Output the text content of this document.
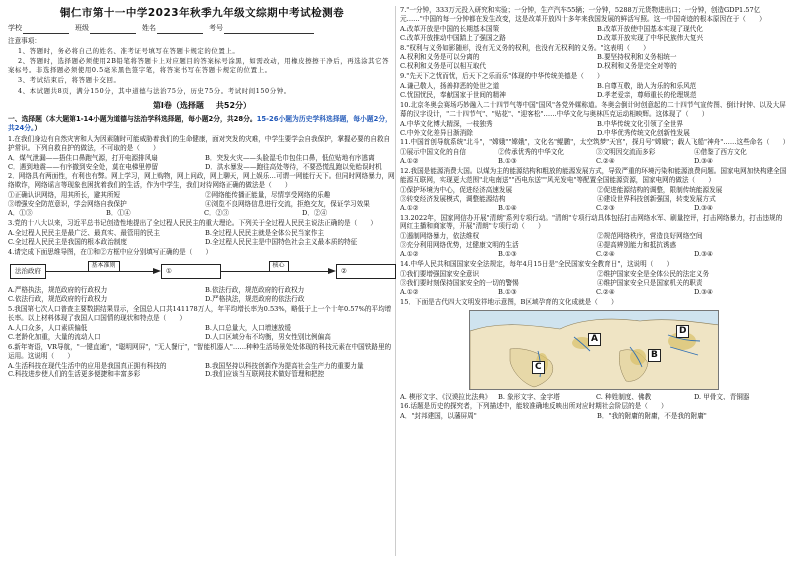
铜仁市第十一中学2023年秋季九年级文综期中考试检测卷
学校	班级	姓名	考号
注意事项：

1、答题时，务必将自己的姓名、准考证号填写在答题卡规定的位置上。

2、答题时，选择题必须使用2B铅笔将答题卡上对应题目的答案标号涂黑，如需改动，用橡皮擦擦干净后，再选涂其它答案标号。非选择题必须使用0.5毫米黑色签字笔，将答案书写在答题卡规定的位置上。

3、考试结束后，将答题卡交回。

4、本试题共8页，满分150分，其中道德与法治75分，历史75分。考试时间150分钟。

第Ⅰ卷（选择题 共52分）
一、选择题（本大题第1-14小题为道德与法治学科选择题，每小题2分，共28分。15-26小题为历史学科选择题，每小题2分，共24分。）

1.在我们身边有自然灾害和人为因素随时可能威胁着我们的生命健康，面对突发的灾难，中学生要学会自我保护，掌握必要的自救自护常识。下列自救自护的做法，不可取的是（　　）

A．煤气泄漏——捂住口鼻跑气源，打开电源排风扇	B．突发火灾——头脸湿毛巾包住口鼻，低位贴地有序逃离
C．遇到地震——有序撤到安全处，莫在电梯里停留	D．洪水暴发——跑往高处等待，不要恐慌乱跑以免贻误时机

2．网络具有两面性，有利也有弊。网上学习，网上购物，网上问政，网上聊天，网上娱乐…可谓一网能行天下。但同时网络暴力，网络欺诈，网络谣言等现象也困扰着我们的生活，作为中学生，我们对待网络正确的做法是（　　）

①正确认识网络，用其所长，避其所短	②网络能传播正能量，尽情享受网络的乐趣
③增强安全防范意识，学会网络自我保护	④浏览不良网络信息进行交流，拒绝交友，保证学习效果
A．①③	B．①④	C．②③	D．②④

3.党的十八大以来，习近平总书记创造性地提出了全过程人民民主的重大理论。下列关于全过程人民民主说法正确的是（　　）

A.全过程人民民主是最广泛、最真实、最管用的民主	B.全过程人民民主就是全体公民当家作主
C.全过程人民民主是我国的根本政治制度	D.全过程人民民主是中国特色社会主义最本质的特征

4.请完成下面思维导图，在①和②方框中应分别填写正确的是（　　）

法治政府
基本准则
①
核心
②
A.严格执法，规范政府的行政权力	B.依法行政，规范政府的行政权力
C.依法行政，规范政府的行政权力	D.严格执法，规范政府的依法行政

5.我国第七次人口普查主要数据结果显示，全国总人口共141178万人，年平均增长率为0.53%，略低于上一个十年0.57%的平均增长率。以上材料体现了我国人口国情的现状和特点是（　　）

A.人口众多，人口素质偏低	B.人口总量大，人口增速放缓
C.老龄化加重，大量的流动人口	D.人口区域分布不均衡，男女性别比例偏高

6.新年寄语，VR导航，"一键直通"，"聪明网屏"，"无人餐厅"，"智能机器人"……种种生活场景处处体现的科技元素在中国铁路里的运用。这说明（　　）

A.生活科技在现代生活中的应用是我国真正拥有科技的	B.我国坚持以科技创新作为提高社会生产力的重要力量
C.科技进步使人们的生活更多便捷和丰富多彩	D.我们应该当互联网技术做好管理和把控

7."一分钟，333万元投入研究和实验；一分钟，生产汽车55辆；一分钟，5288万元货物进出口；一分钟，创造GDP1.57亿元……"中国的每一分钟都在发生改变，这是改革开放四十多年来我国发展的鲜活写照。这一中国奇迹的根本原因在于（　　）

A.改革开放是中国的长期基本国策	B.改革开放使中国基本实现了现代化
C.改革开放推动中国踏上了强国之路	D.改革开放实现了中华民族伟大复兴

8."权利与义务如影随形，没有无义务的权利，也没有无权利的义务。"这表明（　　）

A.权利和义务是可以分离的	B.要坚持权利和义务相统一
C.权利和义务是可以相互取代	D.权利和义务是完全对等的

9."先天下之忧而忧，后天下之乐而乐"体现的中华传统美德是（　　）

A.谦己敬人，扬善抑恶的处世之道	B.自尊互敬，助人为乐的和乐风范
C.忧国忧民，奉献国家于世间的精神	D.孝老爱亲，尊师重长的伦理规范

10.北京冬奥会赛场巧妙融入二十四节气等中国"国风"各党外媒称道。冬奥会倒计时创意起的二十四节气宣传图、倒计时钟、以及大屏幕的汉字设计，"二十四节气"、"贴花"、"迎客松"……中华文化与奥林匹克运动相映辉。这体现了（　　）

A.中华文化博大精深，一枝独秀	B.中华传统文化引领了全世界
C.中外文化差异日渐消除	D.中华优秀传统文化创新性发展

11.中国首创导航系统"北斗"，"嫦娥""嫦娥"，文化名"鲲鹏"，太空筑梦"天宫"，探月号"嫦娥"；载人飞船"神舟"……这些命名（　　）

①展示中国文化的自信	②传承优秀的中华文化	③文明因交流而多彩	④借鉴了西方文化
A.①②	B.①③	C.②④	D.③④

12.我国是能源消费大国。以煤为主的能源结构和粗放的能源发展方式，导致严重的环境污染和能源浪费问题。国家电网加快构建全国能源互联网，实现更大范围"北电南送""西电东送""风光发电"等配置全国能源资源，国家电网的做法（　　）

①保护环境为中心，促进经济高速发展	②促进能源结构的调整，限制传统能源发展
③转变经济发展模式，调整能源结构	④建设世界科技创新强国，转变发展方式
A.①②	B.①④	C.②③	D.③④

13.2022年，国家网信办开展"清朗"系列专项行动。"清朗"专项行动具体包括打击网络水军、刷量控评，打击网络暴力，打击违规的网红主播和商家等，开展"清朗"专项行动（　　）

①遏制网络暴力，依法维权	②规范网络秩序，营造良好网络空间
③充分利用网络优势，过健康文明的生活	④提高辨别能力和抵抗诱惑
A.①②	B.①③	C.②④	D.③④

14.中华人民共和国国家安全法规定，每年4月15日是"全民国家安全教育日"，这说明（　　）

①我们要增强国家安全意识	②维护国家安全是全体公民的法定义务
③我们要时刻保持国家安全的一切的警惕	④维护国家安全只是国家机关的职责
A.①②	B.①③	C.②④	D.③④

15．下面是古代四大文明发祥地示意图，B区域孕育的文化成就是（　　）

A
B
C
D
A. 楔形文字、《汉谟拉比法典》	B. 象形文字、金字塔	C. 种姓制度、佛教	D. 甲骨文、青铜器

16.话题是历史的探究者，下列描述中，能较准确地反映出所对应时期社会阶层的是（　　）

A．"封邦建国，以藩屏周"	B．"我的附庸的附庸，不是我的附庸"
